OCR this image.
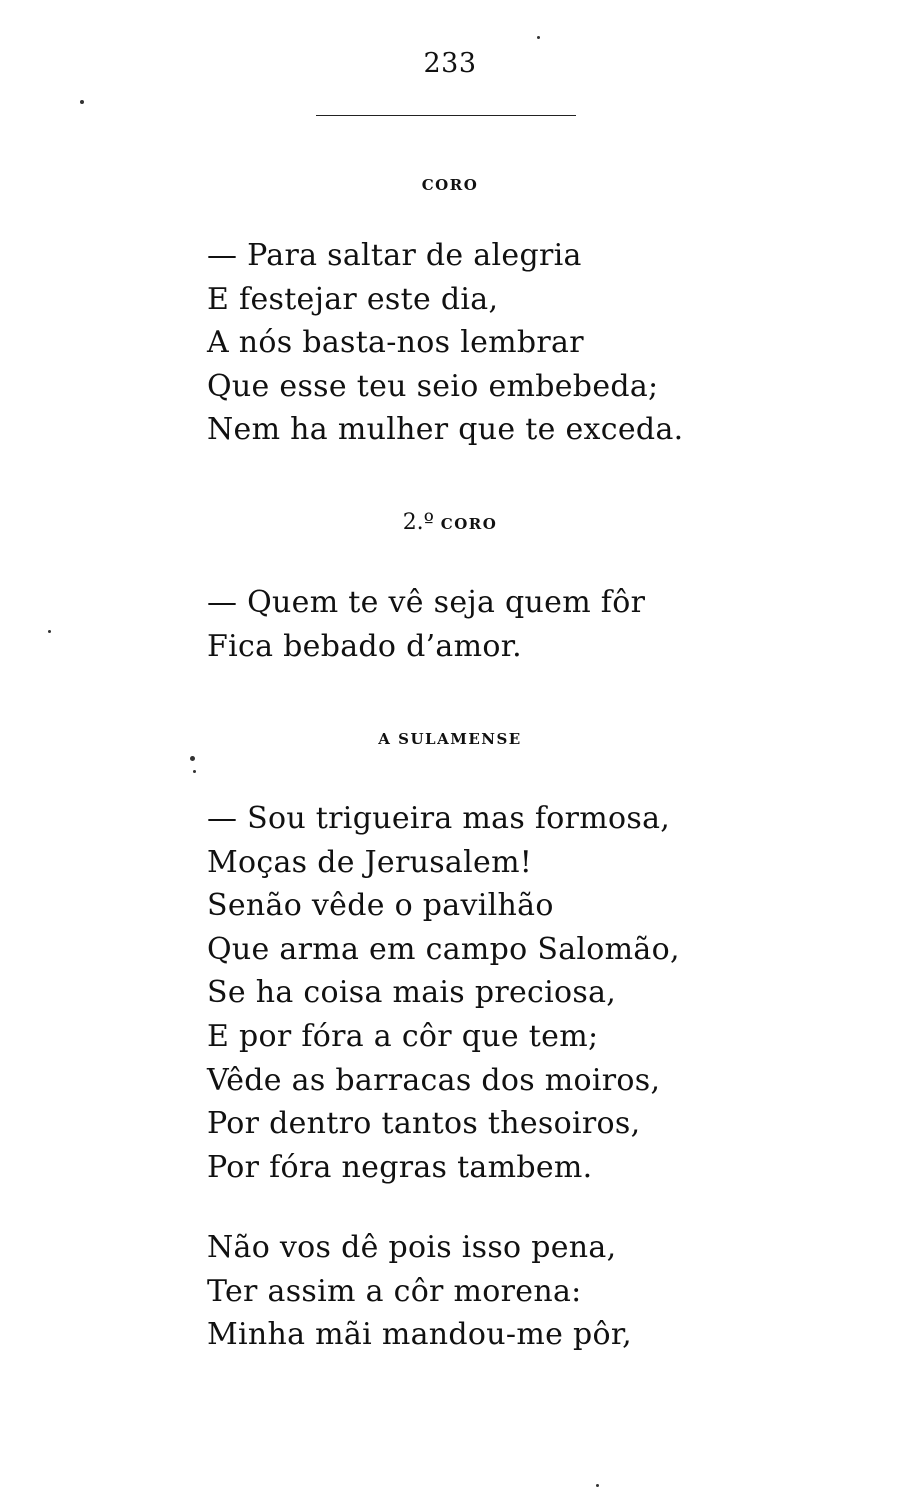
233
CORO
— Para saltar de alegria
E festejar este dia,
A nós basta-nos lembrar
Que esse teu seio embebeda;
Nem ha mulher que te exceda.
2.º CORO
— Quem te vê seja quem fôr
Fica bebado d’amor.
A SULAMENSE
— Sou trigueira mas formosa,
Moças de Jerusalem!
Senão vêde o pavilhão
Que arma em campo Salomão,
Se ha coisa mais preciosa,
E por fóra a côr que tem;
Vêde as barracas dos moiros,
Por dentro tantos thesoiros,
Por fóra negras tambem.
Não vos dê pois isso pena,
Ter assim a côr morena:
Minha mãi mandou-me pôr,
